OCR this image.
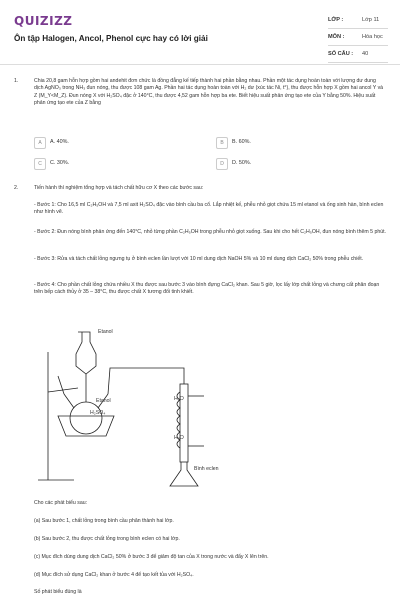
QUIZIZZ
Ôn tập Halogen, Ancol, Phenol cực hay có lời giải
LỚP :	Lớp 11
MÔN :	Hóa học
SỐ CÂU : 40
1.	Chia 20,8 gam hỗn hợp gồm hai andehit đơn chức là đồng đẳng kế tiếp thành hai phần bằng nhau. Phần một tác dụng hoàn toàn với lượng dư dung dịch AgNO₃ trong NH₃ đun nóng, thu được 108 gam Ag. Phần hai tác dụng hoàn toàn với H₂ dư (xúc tác Ni, t°), thu được hỗn hợp X gồm hai ancol Y và Z (M_Y<M_Z). Đun nóng X với H₂SO₄ đặc ở 140°C, thu được 4,52 gam hỗn hợp ba ete. Biết hiệu suất phản ứng tạo ete của Y bằng 50%. Hiệu suất phản ứng tạo ete của Z bằng
A	A. 40%.	B	B. 60%.
C	C. 30%.	D	D. 50%.
2.	Tiến hành thí nghiệm tổng hợp và tách chất hữu cơ X theo các bước sau:
- Bước 1: Cho 16,5 ml C₂H₅OH và 7,5 ml axit H₂SO₄ đặc vào bình cầu ba cổ. Lắp nhiệt kế, phễu nhỏ giọt chứa 15 ml etanol và ống sinh hàn, bình eclen như hình vẽ.
- Bước 2: Đun nóng bình phản ứng đến 140°C, nhỏ từng phần C₂H₅OH trong phễu nhỏ giọt xuống. Sau khi cho hết C₂H₅OH, đun nóng bình thêm 5 phút.
- Bước 3: Rửa và tách chất lỏng ngưng tụ ở bình eclen lần lượt với 10 ml dung dịch NaOH 5% và 10 ml dung dịch CaCl₂ 50% trong phễu chiết.
- Bước 4: Cho phần chất lỏng chứa nhiều X thu được sau bước 3 vào bình đựng CaCl₂ khan. Sau 5 giờ, lọc lấy lớp chất lỏng và chưng cất phân đoạn trên bếp cách thủy ở 35 – 38°C, thu được chất X tương đối tinh khiết.
Etanol
Etanol
H₂SO₄
H₂O
H₂O
Bình eclen
Cho các phát biểu sau:
(a) Sau bước 1, chất lỏng trong bình cầu phân thành hai lớp.
(b) Sau bước 2, thu được chất lỏng trong bình eclen có hai lớp.
(c) Mục đích dùng dung dịch CaCl₂ 50% ở bước 3 để giảm độ tan của X trong nước và đẩy X lên trên.
(d) Mục đích sử dụng CaCl₂ khan ở bước 4 để tạo kết tủa với H₂SO₄.
Số phát biểu đúng là
